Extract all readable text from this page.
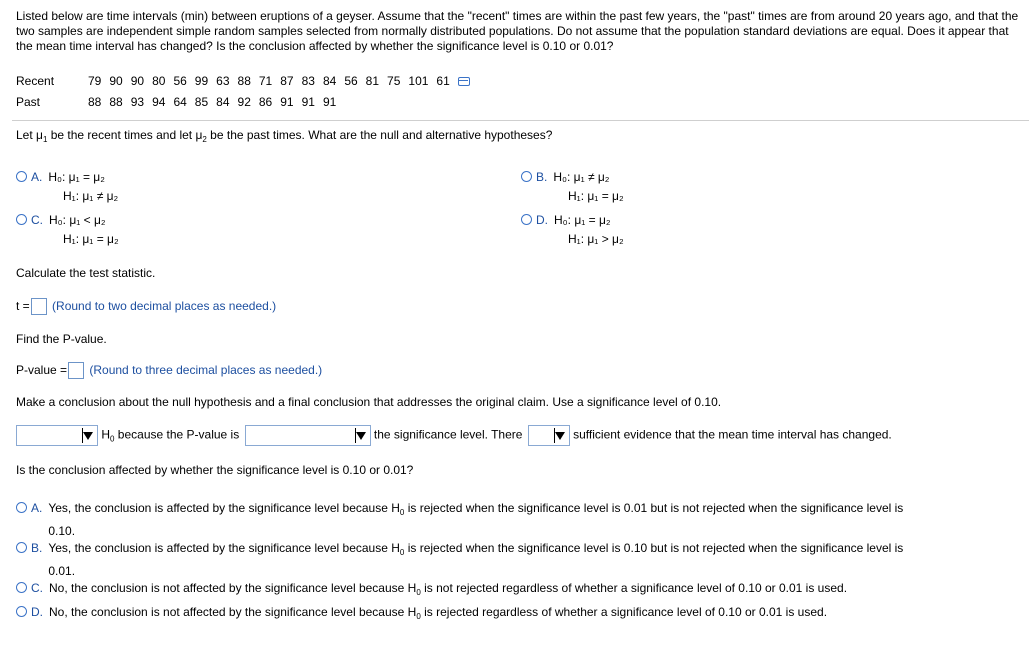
Listed below are time intervals (min) between eruptions of a geyser. Assume that the "recent" times are within the past few years, the "past" times are from around 20 years ago, and that the two samples are independent simple random samples selected from normally distributed populations. Do not assume that the population standard deviations are equal. Does it appear that the mean time interval has changed? Is the conclusion affected by whether the significance level is 0.10 or 0.01?
Recent	79 90 90 80 56 99 63 88 71 87 83 84 56 81 75 101 61
Past	88 88 93 94 64 85 84 92 86 91 91 91
Let $\mu_1$ be the recent times and let $\mu_2$ be the past times. What are the null and alternative hypotheses?
A. H₀: μ₁ = μ₂
H₁: μ₁ ≠ μ₂
B. H₀: μ₁ ≠ μ₂
H₁: μ₁ = μ₂
C. H₀: μ₁ < μ₂
H₁: μ₁ = μ₂
D. H₀: μ₁ = μ₂
H₁: μ₁ > μ₂
Calculate the test statistic.
t = (Round to two decimal places as needed.)
Find the P-value.
P-value = (Round to three decimal places as needed.)
Make a conclusion about the null hypothesis and a final conclusion that addresses the original claim. Use a significance level of 0.10.
$H_0$ because the P-value is	the significance level. There	sufficient evidence that the mean time interval has changed.
Is the conclusion affected by whether the significance level is 0.10 or 0.01?
A. Yes, the conclusion is affected by the significance level because $H_0$ is rejected when the significance level is 0.01 but is not rejected when the significance level is
0.10.
B. Yes, the conclusion is affected by the significance level because $H_0$ is rejected when the significance level is 0.10 but is not rejected when the significance level is
0.01.
C. No, the conclusion is not affected by the significance level because $H_0$ is not rejected regardless of whether a significance level of 0.10 or 0.01 is used.
D. No, the conclusion is not affected by the significance level because $H_0$ is rejected regardless of whether a significance level of 0.10 or 0.01 is used.
